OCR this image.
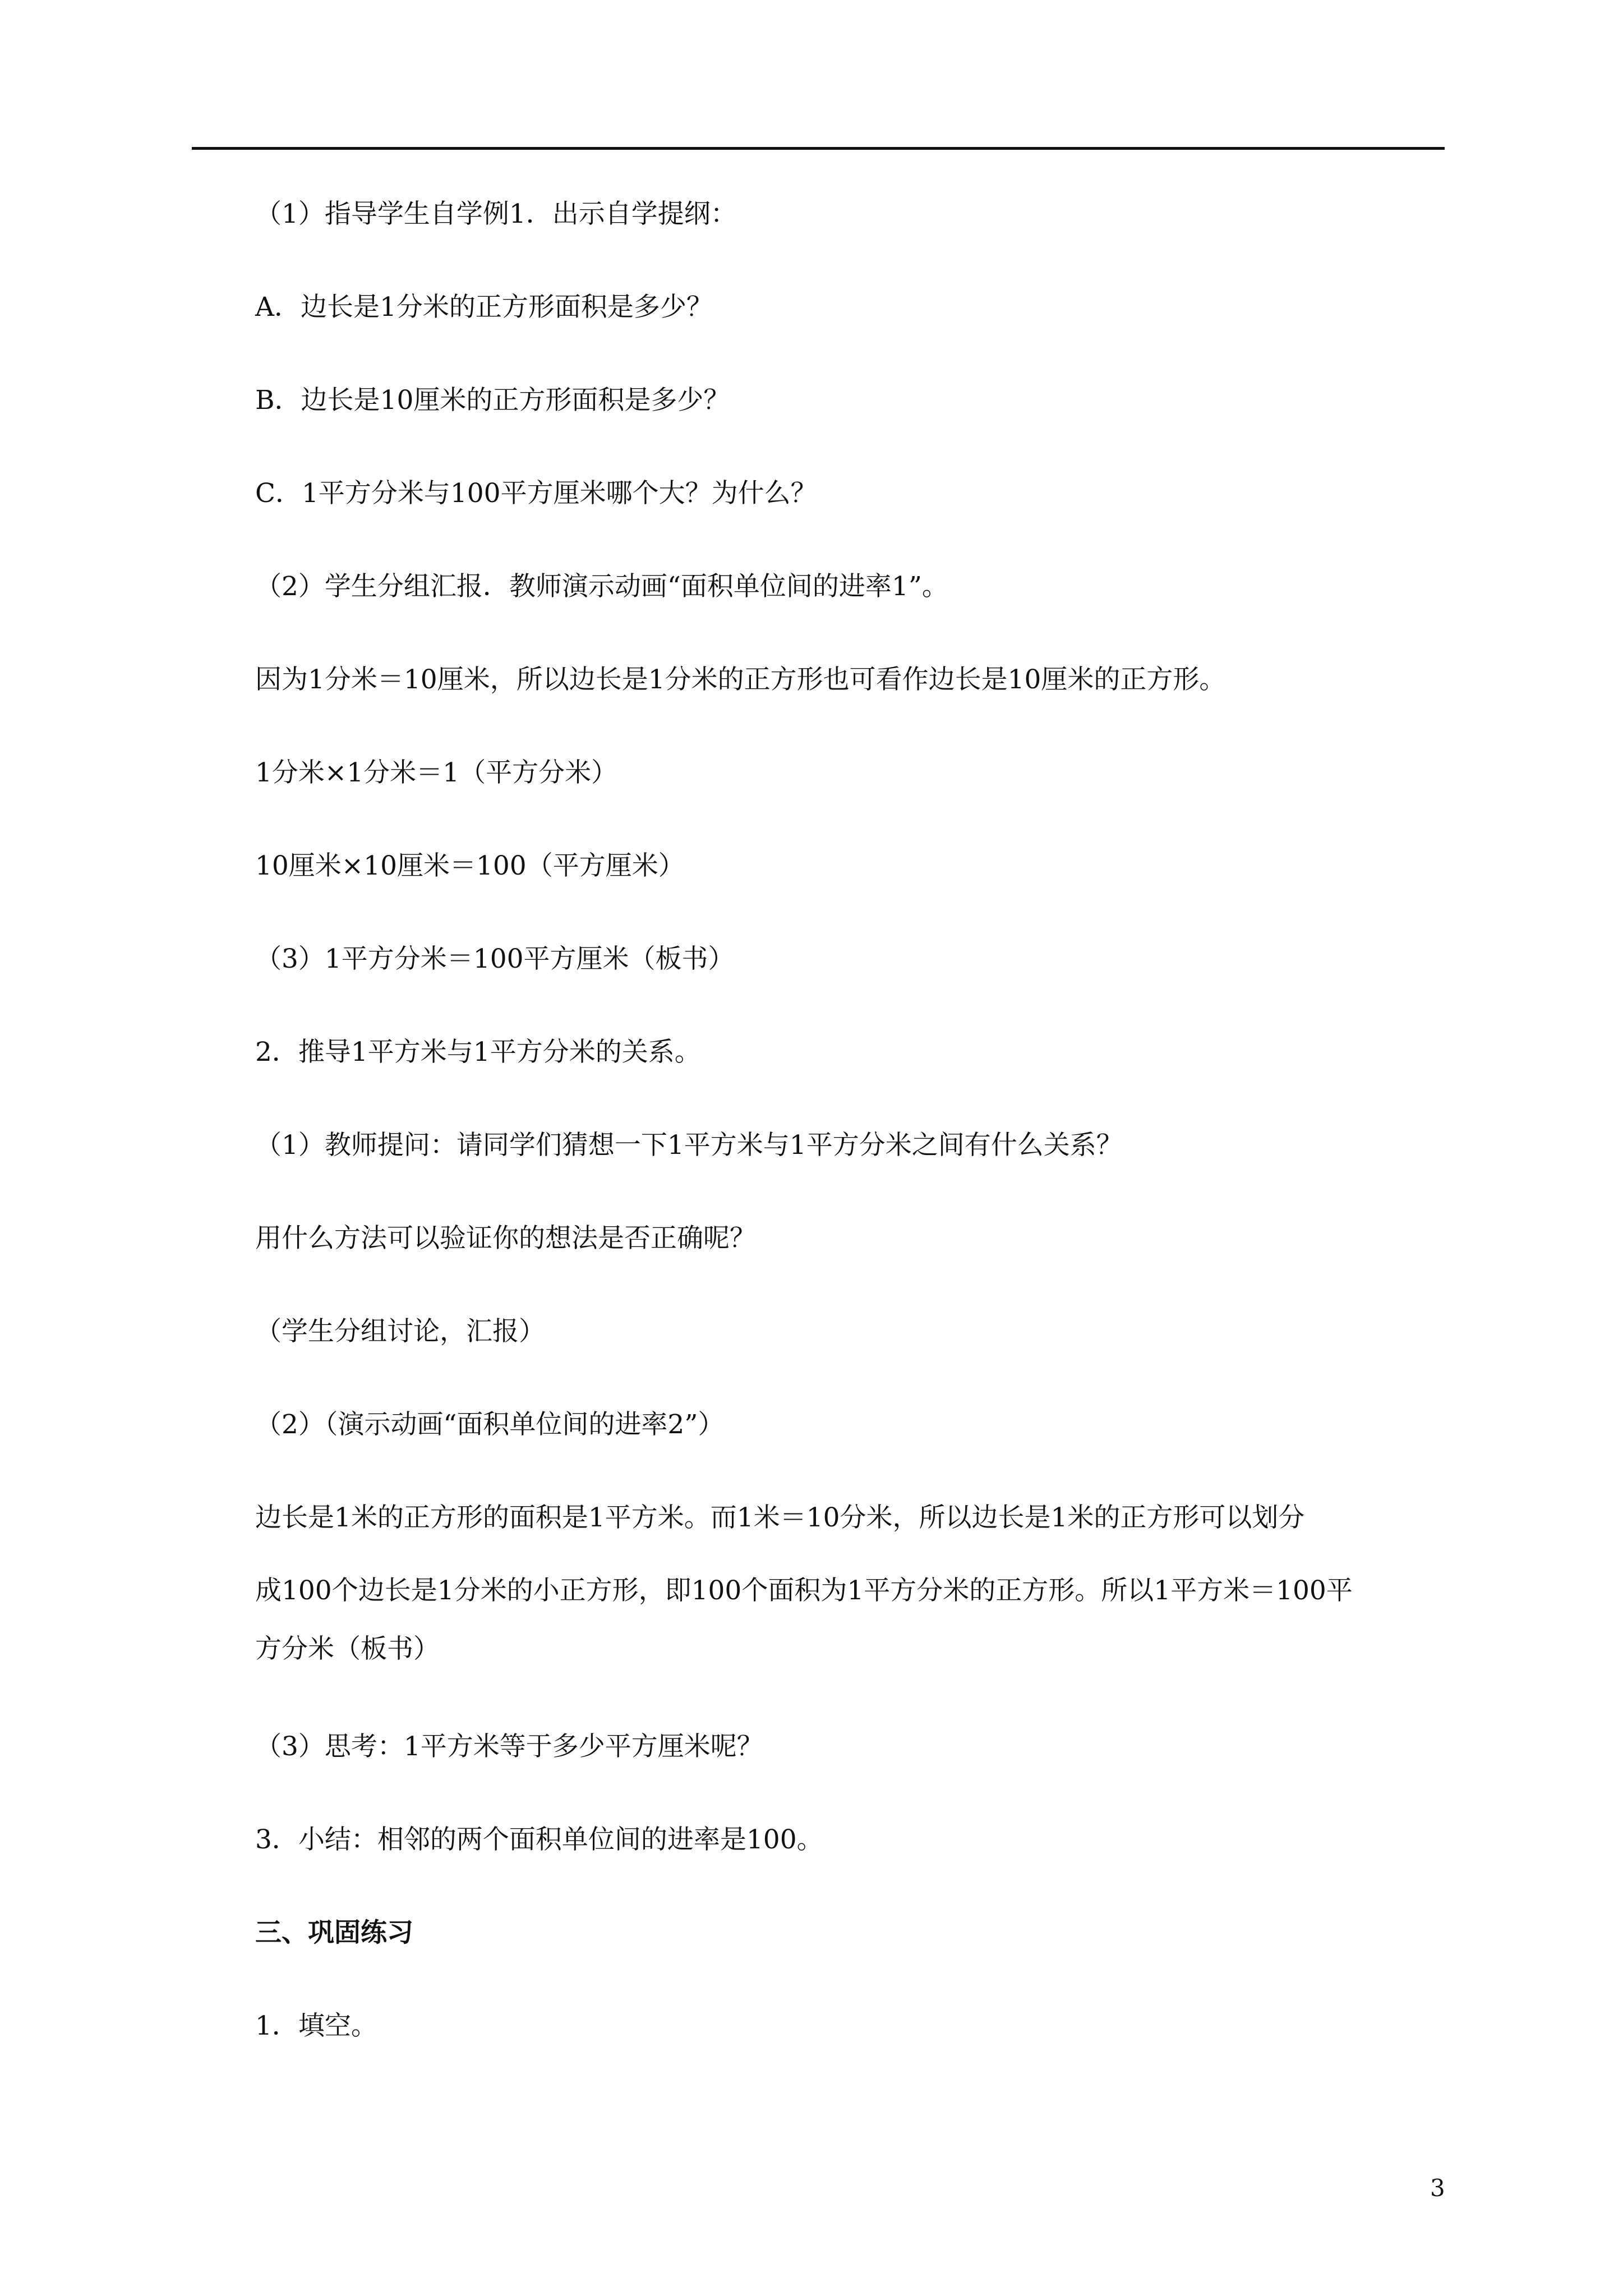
（1）指导学生自学例1．出示自学提纲：

A．边长是1分米的正方形面积是多少？

B．边长是10厘米的正方形面积是多少？

C．1平方分米与100平方厘米哪个大？为什么？

（2）学生分组汇报．教师演示动画“面积单位间的进率1”。

因为1分米＝10厘米，所以边长是1分米的正方形也可看作边长是10厘米的正方形。

1分米×1分米＝1（平方分米）

10厘米×10厘米＝100（平方厘米）

（3）1平方分米＝100平方厘米（板书）

2．推导1平方米与1平方分米的关系。

（1）教师提问：请同学们猜想一下1平方米与1平方分米之间有什么关系？

用什么方法可以验证你的想法是否正确呢？

（学生分组讨论，汇报）

（2）（演示动画“面积单位间的进率2”）

边长是1米的正方形的面积是1平方米。而1米＝10分米，所以边长是1米的正方形可以划分

成100个边长是1分米的小正方形，即100个面积为1平方分米的正方形。所以1平方米＝100平

方分米（板书）

（3）思考：1平方米等于多少平方厘米呢？

3．小结：相邻的两个面积单位间的进率是100。

三、巩固练习

1．填空。

3
